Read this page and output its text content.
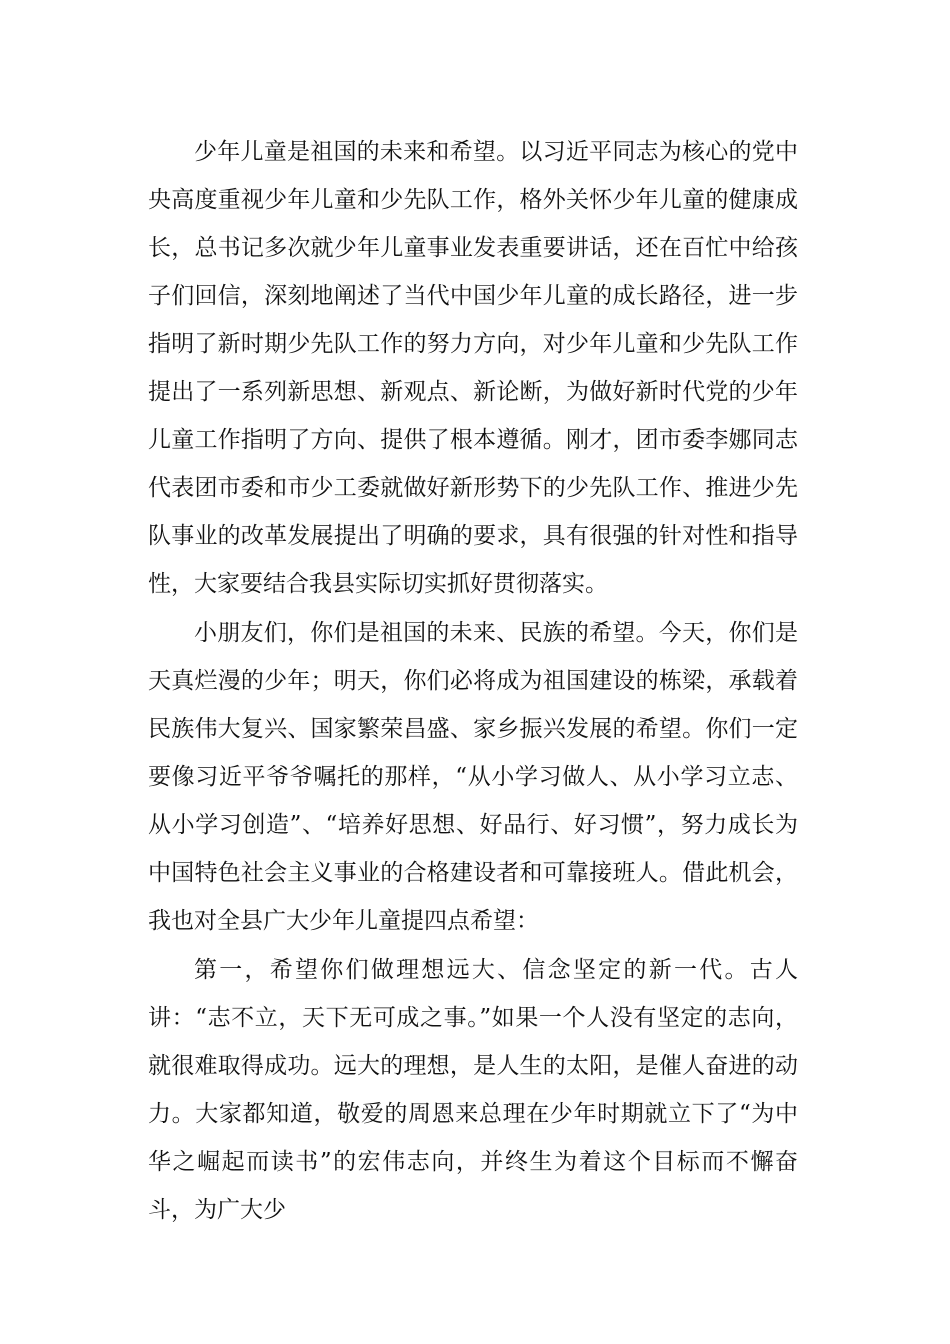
少年儿童是祖国的未来和希望。以习近平同志为核心的党中央高度重视少年儿童和少先队工作，格外关怀少年儿童的健康成长，总书记多次就少年儿童事业发表重要讲话，还在百忙中给孩子们回信，深刻地阐述了当代中国少年儿童的成长路径，进一步指明了新时期少先队工作的努力方向，对少年儿童和少先队工作提出了一系列新思想、新观点、新论断，为做好新时代党的少年儿童工作指明了方向、提供了根本遵循。刚才，团市委李娜同志代表团市委和市少工委就做好新形势下的少先队工作、推进少先队事业的改革发展提出了明确的要求，具有很强的针对性和指导性，大家要结合我县实际切实抓好贯彻落实。

小朋友们，你们是祖国的未来、民族的希望。今天，你们是天真烂漫的少年；明天，你们必将成为祖国建设的栋梁，承载着民族伟大复兴、国家繁荣昌盛、家乡振兴发展的希望。你们一定要像习近平爷爷嘱托的那样，“从小学习做人、从小学习立志、从小学习创造”、“培养好思想、好品行、好习惯”，努力成长为中国特色社会主义事业的合格建设者和可靠接班人。借此机会，我也对全县广大少年儿童提四点希望：

第一，希望你们做理想远大、信念坚定的新一代。古人讲：“志不立，天下无可成之事。”如果一个人没有坚定的志向，就很难取得成功。远大的理想，是人生的太阳，是催人奋进的动力。大家都知道，敬爱的周恩来总理在少年时期就立下了“为中华之崛起而读书”的宏伟志向，并终生为着这个目标而不懈奋斗，为广大少
